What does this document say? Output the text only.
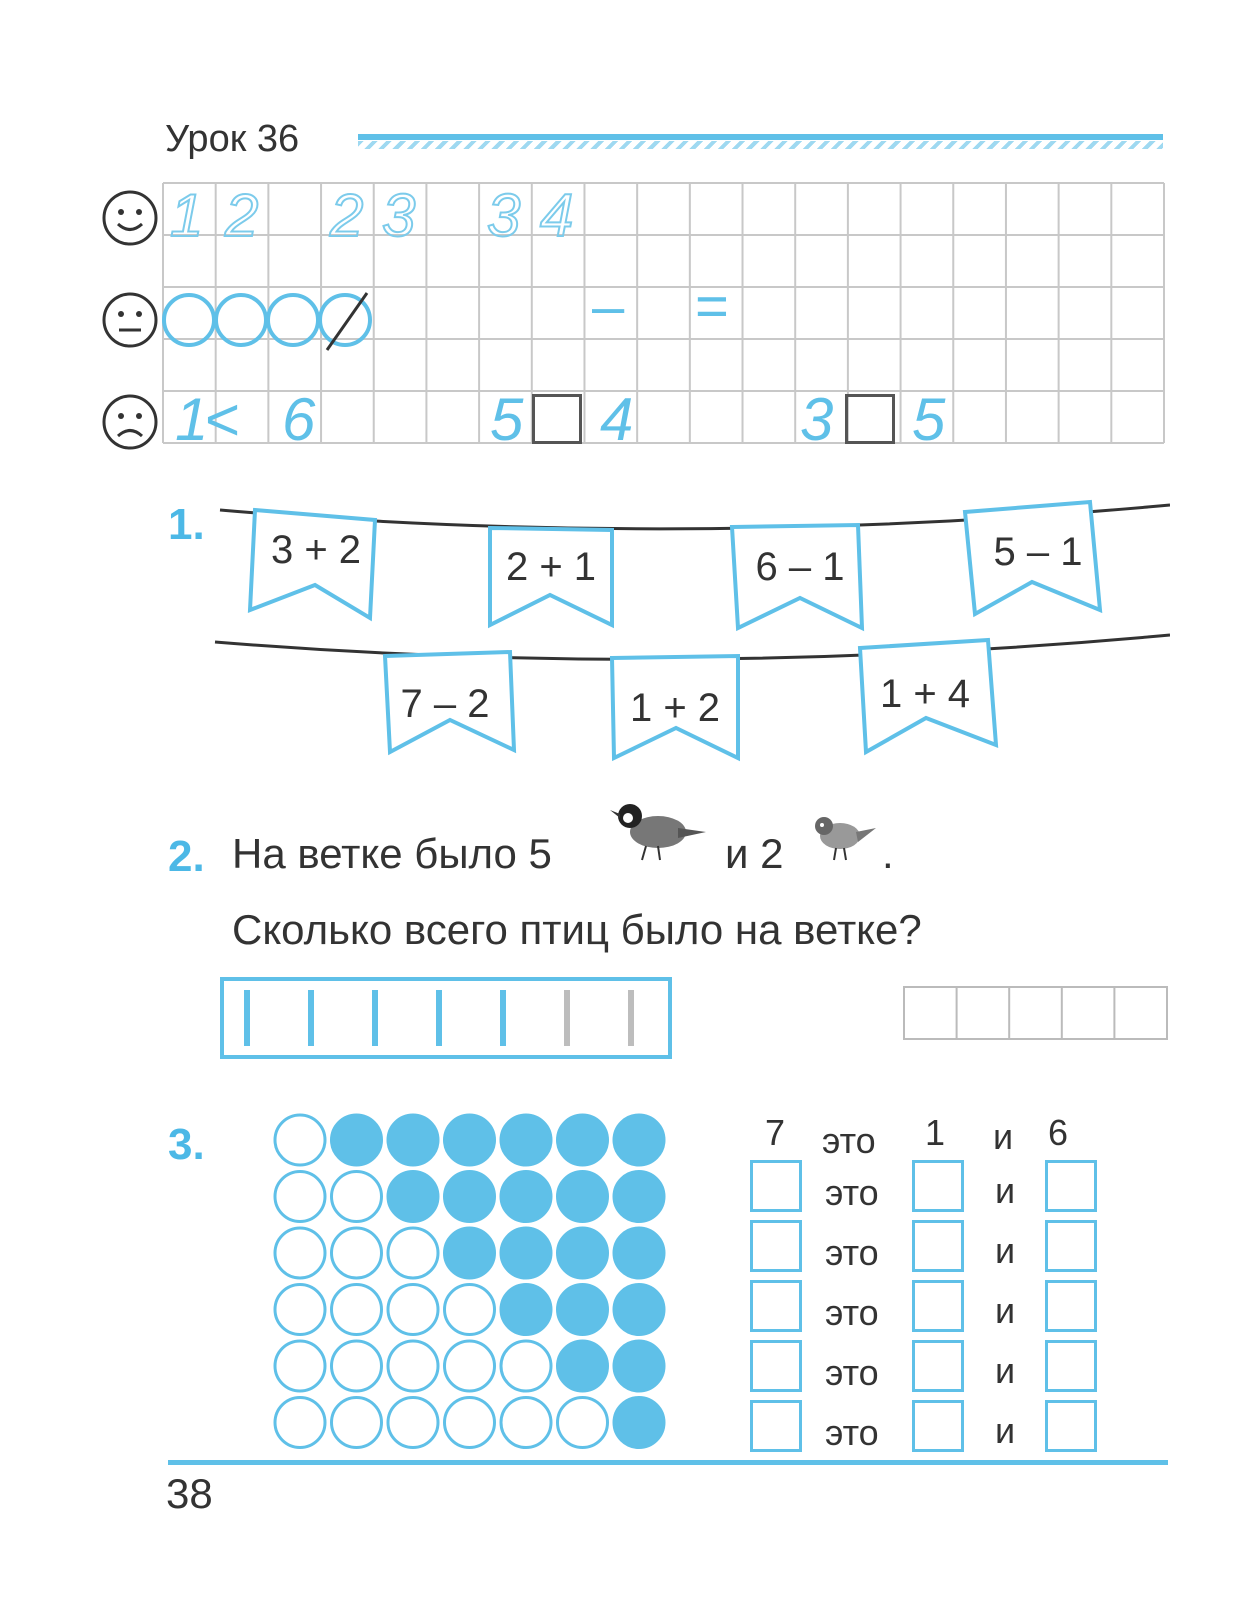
Урок 36
1 2 2 3 3 4
– =
1
< 6	5 4	3 5
1.
3 + 2	2 + 1	6 – 1	5 – 1
7 – 2	1 + 2	1 + 4
2. На ветке было 5	и 2 .
Сколько всего птиц было на ветке?
3.	7 это 1 и 6
это	и
это	и
это	и
это	и
это	и
38
